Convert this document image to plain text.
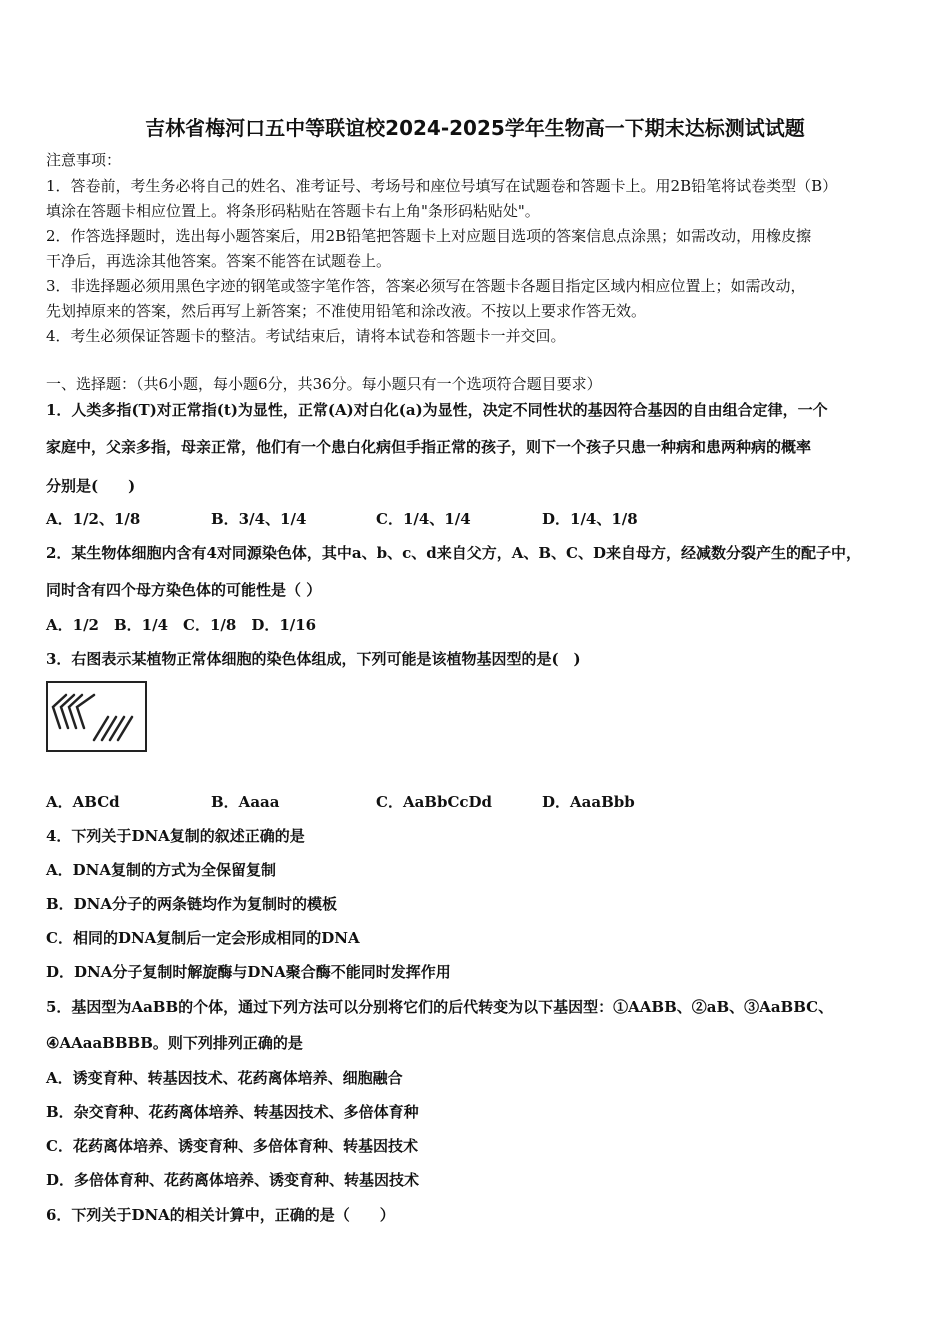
吉林省梅河口五中等联谊校2024-2025学年生物高一下期末达标测试试题
注意事项：
1．答卷前，考生务必将自己的姓名、准考证号、考场号和座位号填写在试题卷和答题卡上。用2B铅笔将试卷类型（B）
填涂在答题卡相应位置上。将条形码粘贴在答题卡右上角"条形码粘贴处"。
2．作答选择题时，选出每小题答案后，用2B铅笔把答题卡上对应题目选项的答案信息点涂黑；如需改动，用橡皮擦
干净后，再选涂其他答案。答案不能答在试题卷上。
3．非选择题必须用黑色字迹的钢笔或签字笔作答，答案必须写在答题卡各题目指定区域内相应位置上；如需改动，
先划掉原来的答案，然后再写上新答案；不准使用铅笔和涂改液。不按以上要求作答无效。
4．考生必须保证答题卡的整洁。考试结束后，请将本试卷和答题卡一并交回。
一、选择题：（共6小题，每小题6分，共36分。每小题只有一个选项符合题目要求）
1．人类多指(T)对正常指(t)为显性，正常(A)对白化(a)为显性，决定不同性状的基因符合基因的自由组合定律，一个
家庭中，父亲多指，母亲正常，他们有一个患白化病但手指正常的孩子，则下一个孩子只患一种病和患两种病的概率
分别是(　　)
A．1/2、1/8	B．3/4、1/4	C．1/4、1/4	D．1/4、1/8
2．某生物体细胞内含有4对同源染色体，其中a、b、c、d来自父方，A、B、C、D来自母方，经减数分裂产生的配子中，
同时含有四个母方染色体的可能性是（ ）
A．1/2　B．1/4　C．1/8　D．1/16
3．右图表示某植物正常体细胞的染色体组成，下列可能是该植物基因型的是(　)
A．ABCd	B．Aaaa	C．AaBbCcDd	D．AaaBbb
4．下列关于DNA复制的叙述正确的是
A．DNA复制的方式为全保留复制
B．DNA分子的两条链均作为复制时的模板
C．相同的DNA复制后一定会形成相同的DNA
D．DNA分子复制时解旋酶与DNA聚合酶不能同时发挥作用
5．基因型为AaBB的个体，通过下列方法可以分别将它们的后代转变为以下基因型：①AABB、②aB、③AaBBC、
④AAaaBBBB。则下列排列正确的是
A．诱变育种、转基因技术、花药离体培养、细胞融合
B．杂交育种、花药离体培养、转基因技术、多倍体育种
C．花药离体培养、诱变育种、多倍体育种、转基因技术
D．多倍体育种、花药离体培养、诱变育种、转基因技术
6．下列关于DNA的相关计算中，正确的是（　　）
